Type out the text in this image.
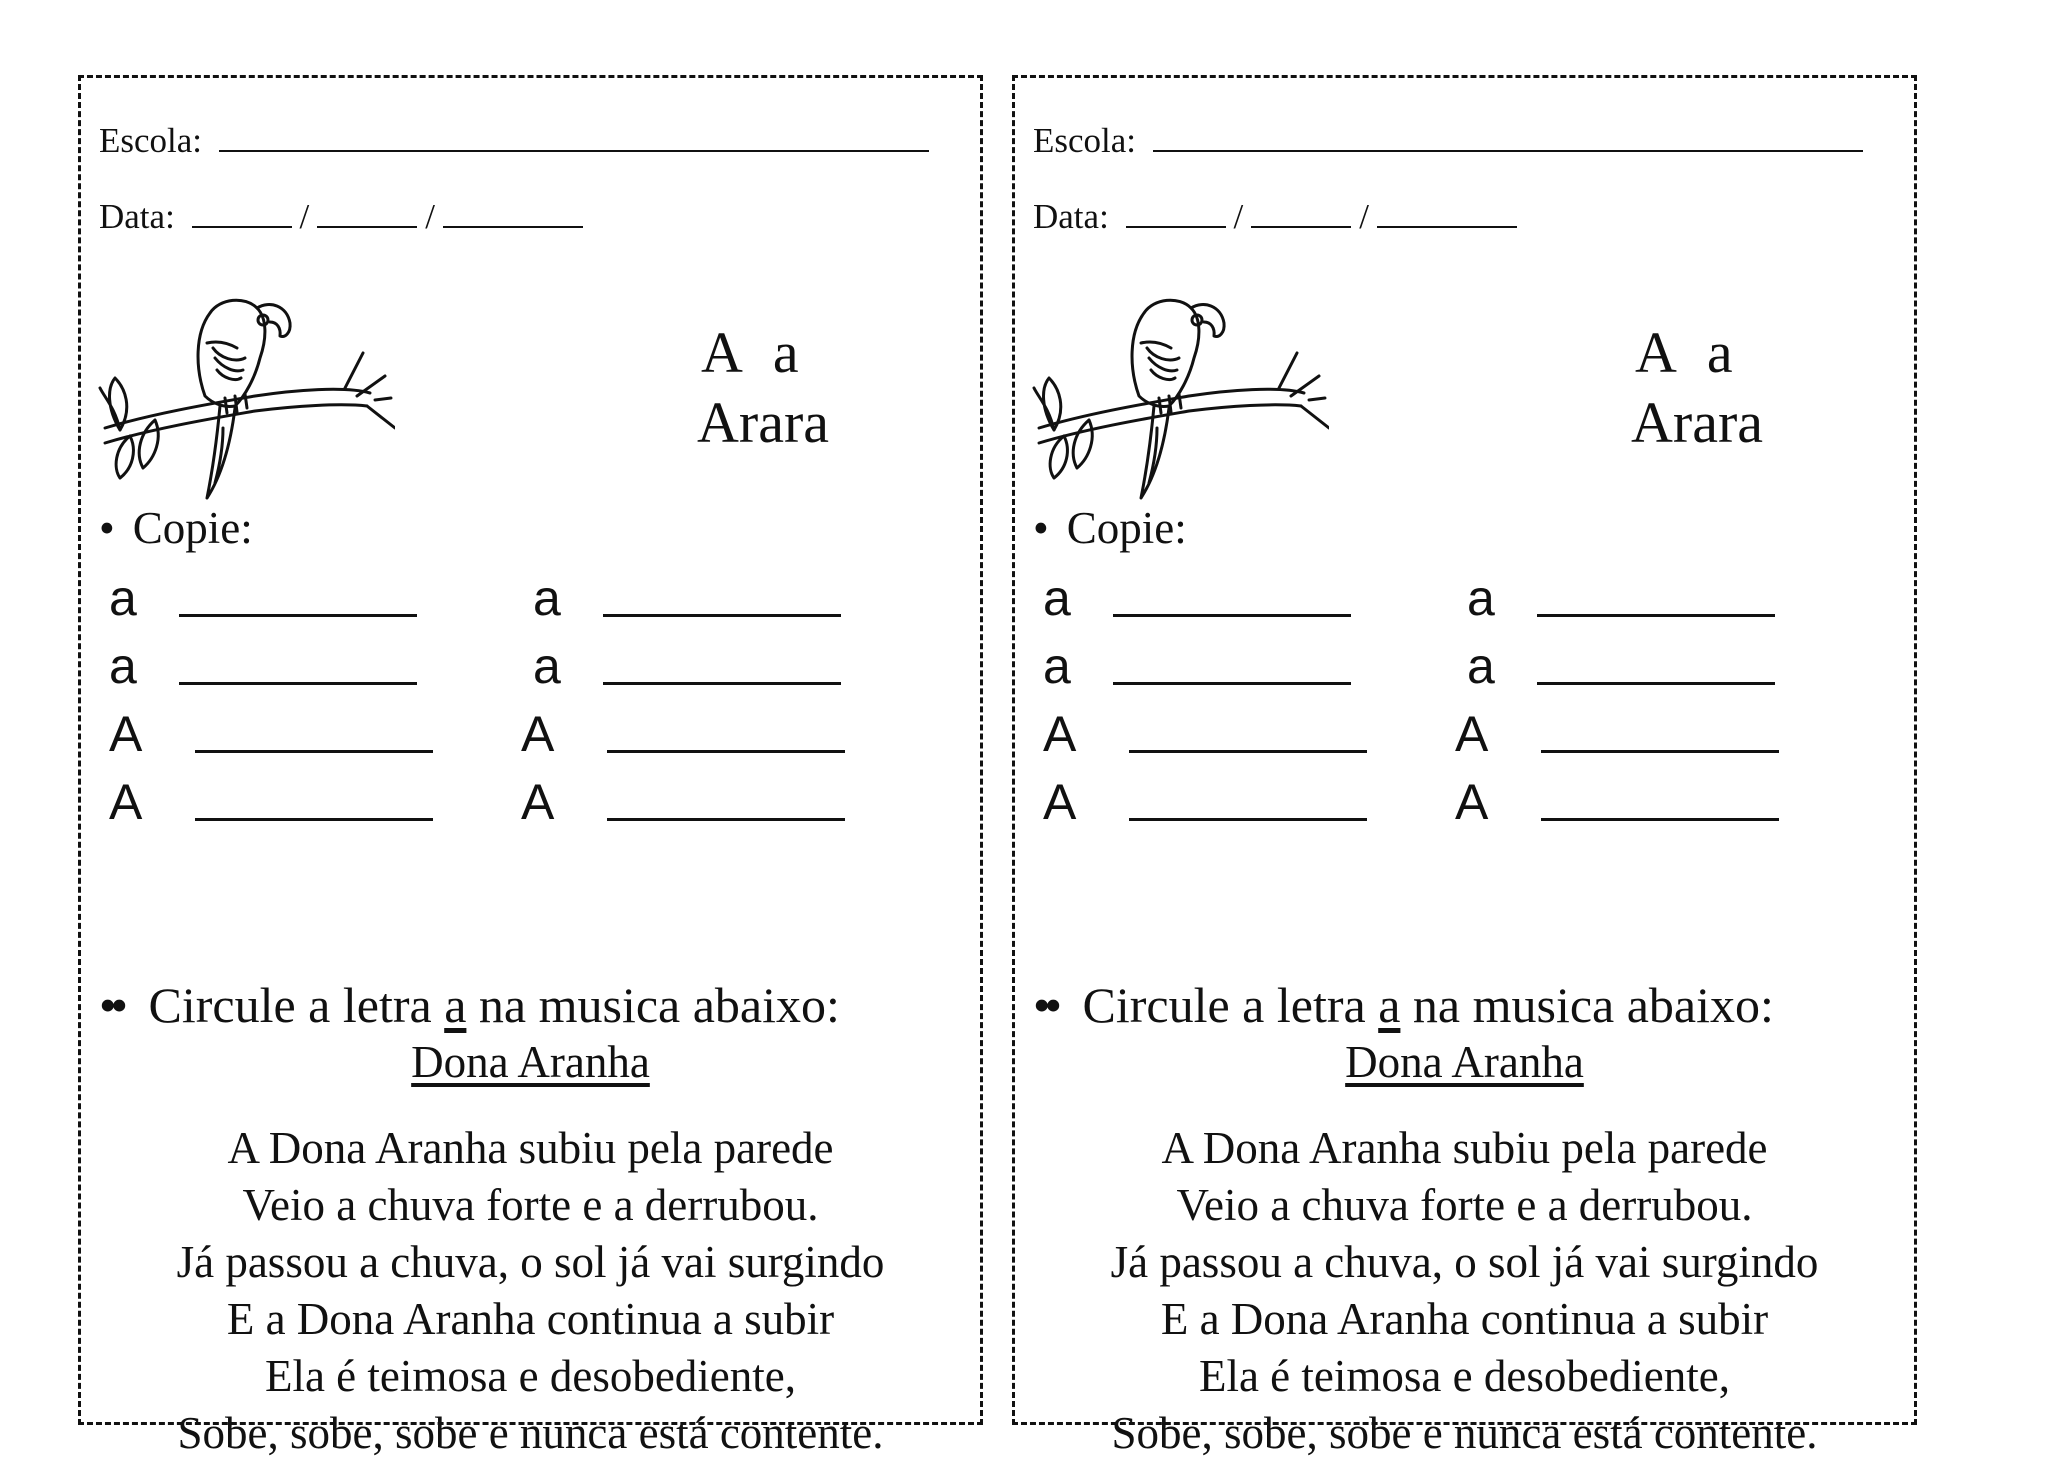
Escola:
Data:	/	/
A a
Arara
• Copie:
a	a
a	a
A	A
A	A
•• Circule a letra a na musica abaixo:
Dona Aranha
A Dona Aranha subiu pela parede
Veio a chuva forte e a derrubou.
Já passou a chuva, o sol já vai surgindo
E a Dona Aranha continua a subir
Ela é teimosa e desobediente,
Sobe, sobe, sobe e nunca está contente.
Escola:
Data:	/	/
A a
Arara
• Copie:
a	a
a	a
A	A
A	A
•• Circule a letra a na musica abaixo:
Dona Aranha
A Dona Aranha subiu pela parede
Veio a chuva forte e a derrubou.
Já passou a chuva, o sol já vai surgindo
E a Dona Aranha continua a subir
Ela é teimosa e desobediente,
Sobe, sobe, sobe e nunca está contente.
